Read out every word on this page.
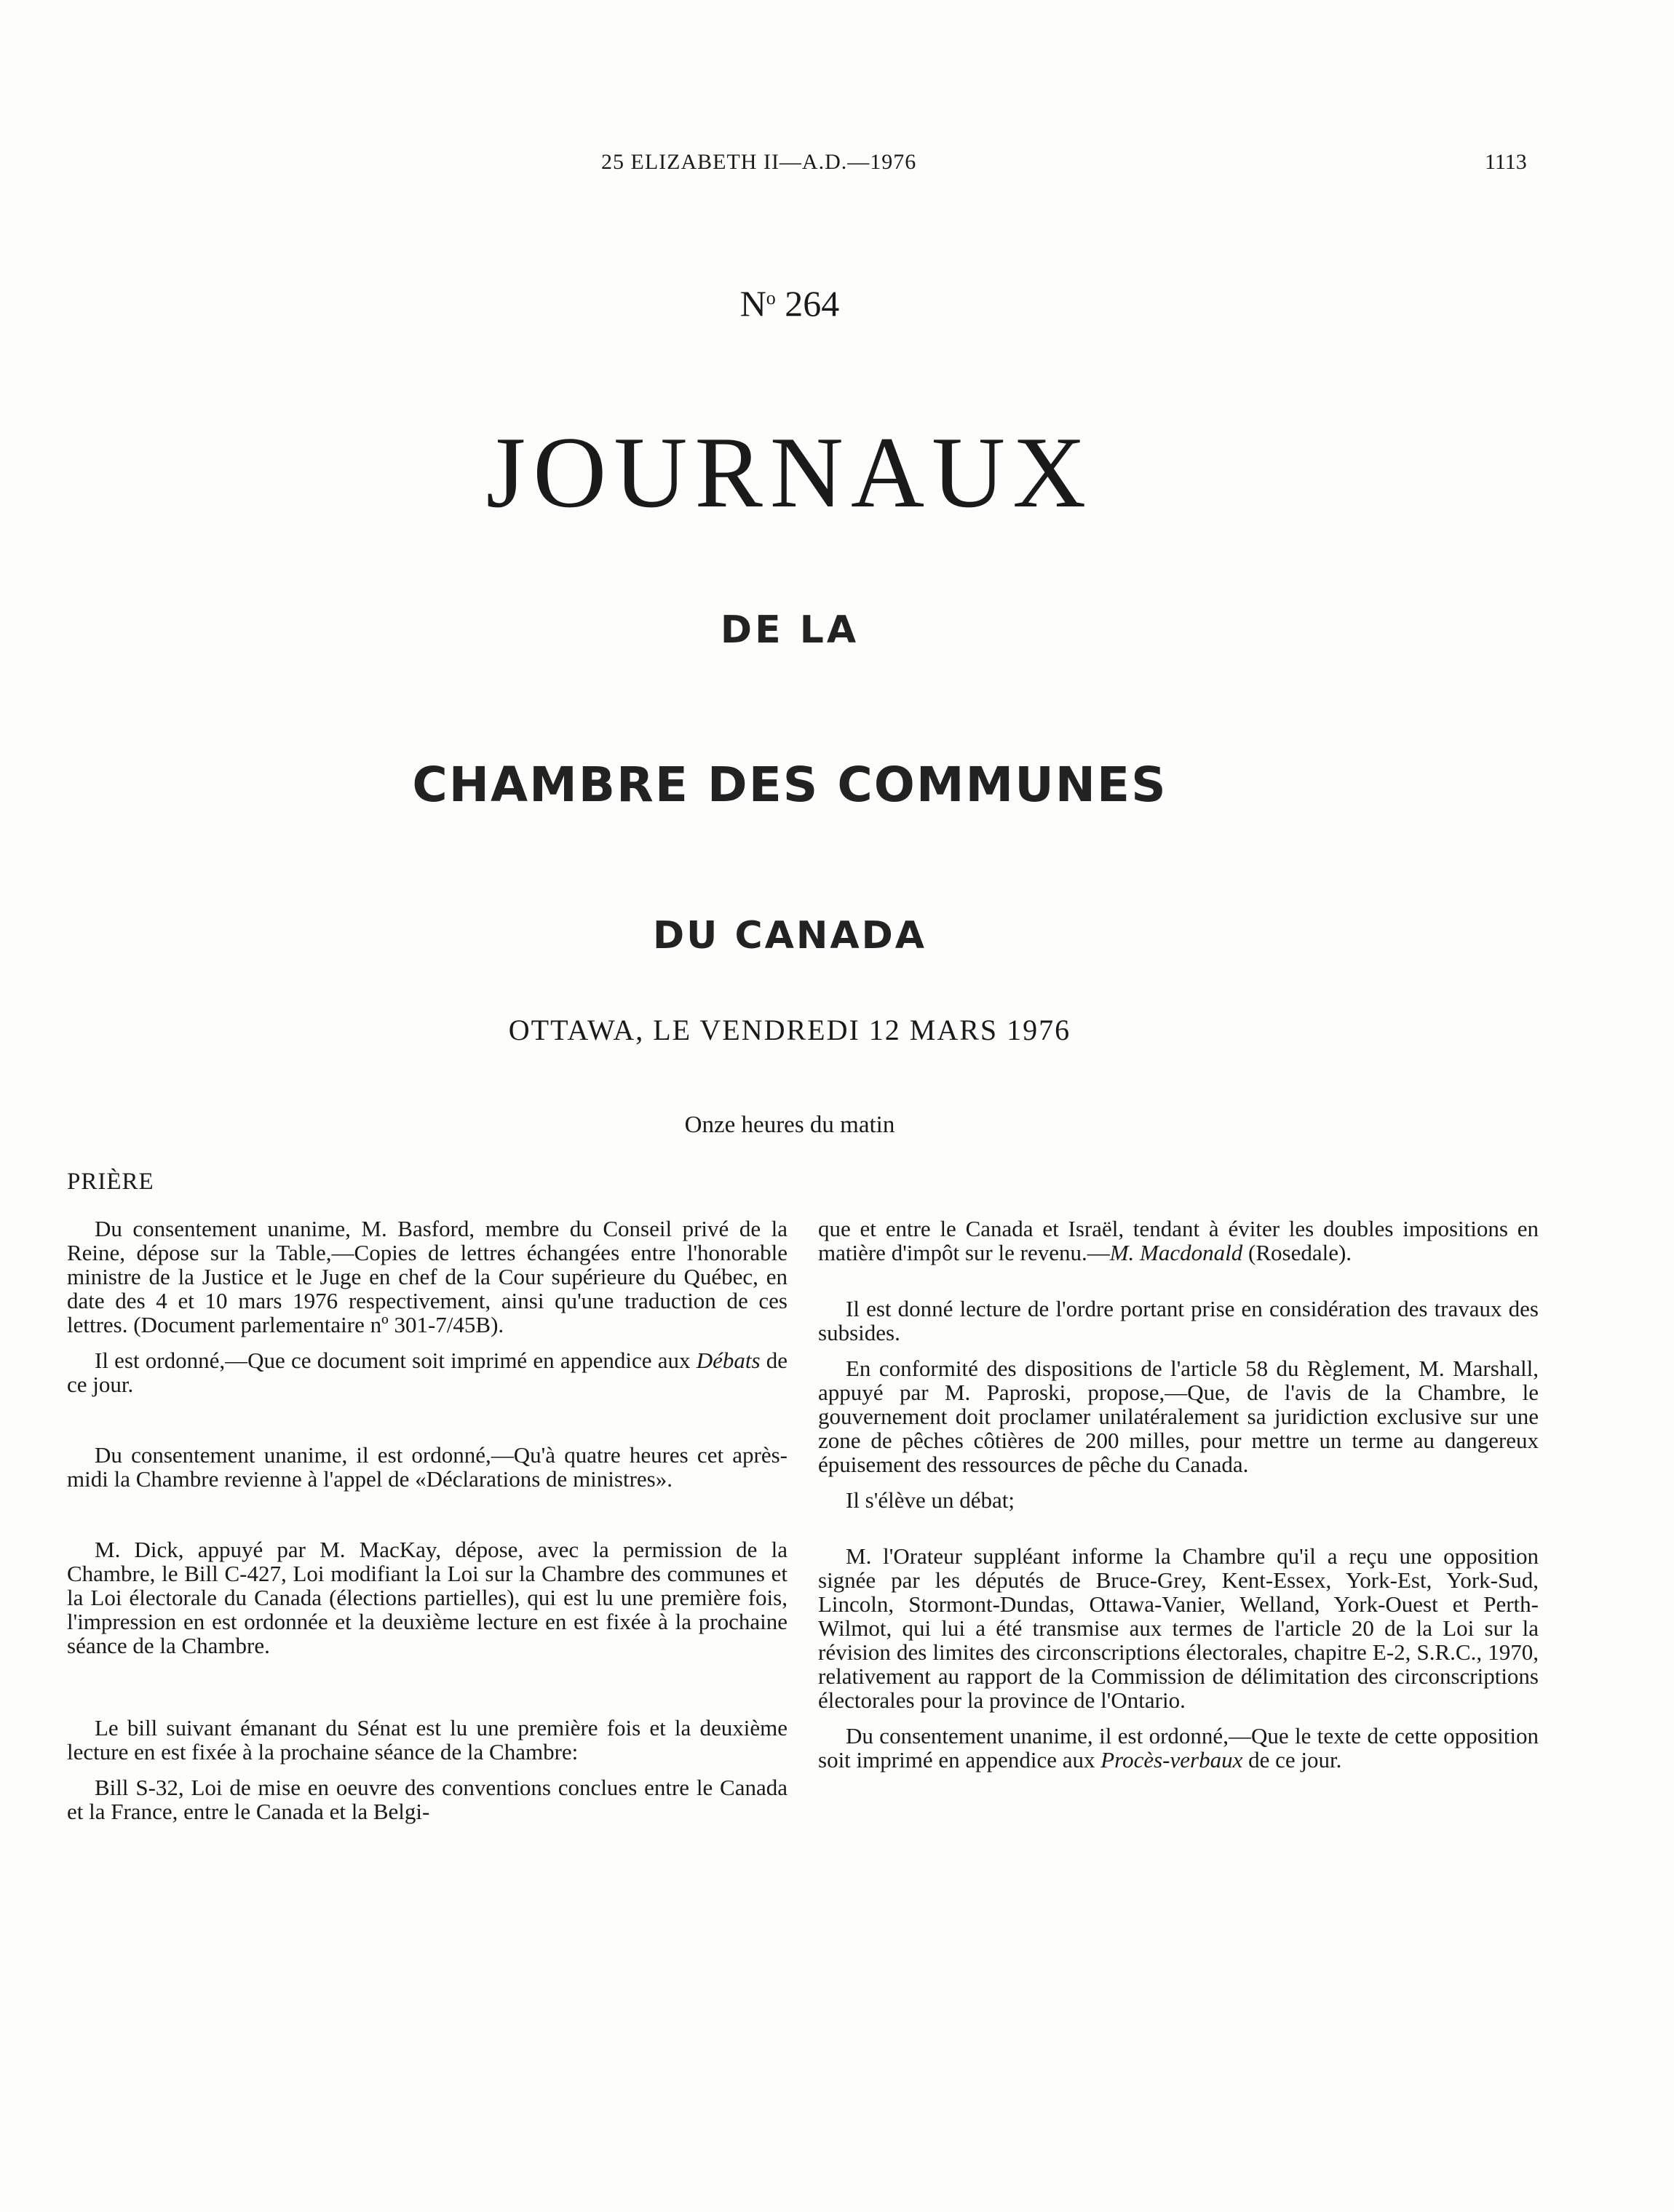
25 ELIZABETH II—A.D.—1976	1113
$N^o$ 264
JOURNAUX
DE LA
CHAMBRE DES COMMUNES
DU CANADA
OTTAWA, LE VENDREDI 12 MARS 1976
Onze heures du matin
PRIÈRE

Du consentement unanime, M. Basford, membre du Conseil privé de la Reine, dépose sur la Table,—Copies de lettres échangées entre l'honorable ministre de la Justice et le Juge en chef de la Cour supérieure du Québec, en date des 4 et 10 mars 1976 respectivement, ainsi qu'une traduction de ces lettres. (Document parlementaire nº 301-7/45B).

Il est ordonné,—Que ce document soit imprimé en appendice aux Débats de ce jour.

Du consentement unanime, il est ordonné,—Qu'à quatre heures cet après-midi la Chambre revienne à l'appel de «Déclarations de ministres».

M. Dick, appuyé par M. MacKay, dépose, avec la permission de la Chambre, le Bill C-427, Loi modifiant la Loi sur la Chambre des communes et la Loi électorale du Canada (élections partielles), qui est lu une première fois, l'impression en est ordonnée et la deuxième lecture en est fixée à la prochaine séance de la Chambre.

Le bill suivant émanant du Sénat est lu une première fois et la deuxième lecture en est fixée à la prochaine séance de la Chambre:

Bill S-32, Loi de mise en oeuvre des conventions conclues entre le Canada et la France, entre le Canada et la Belgi-

que et entre le Canada et Israël, tendant à éviter les doubles impositions en matière d'impôt sur le revenu.—M. Macdonald (Rosedale).

Il est donné lecture de l'ordre portant prise en considération des travaux des subsides.

En conformité des dispositions de l'article 58 du Règlement, M. Marshall, appuyé par M. Paproski, propose,—Que, de l'avis de la Chambre, le gouvernement doit proclamer unilatéralement sa juridiction exclusive sur une zone de pêches côtières de 200 milles, pour mettre un terme au dangereux épuisement des ressources de pêche du Canada.

Il s'élève un débat;

M. l'Orateur suppléant informe la Chambre qu'il a reçu une opposition signée par les députés de Bruce-Grey, Kent-Essex, York-Est, York-Sud, Lincoln, Stormont-Dundas, Ottawa-Vanier, Welland, York-Ouest et Perth-Wilmot, qui lui a été transmise aux termes de l'article 20 de la Loi sur la révision des limites des circonscriptions électorales, chapitre E-2, S.R.C., 1970, relativement au rapport de la Commission de délimitation des circonscriptions électorales pour la province de l'Ontario.

Du consentement unanime, il est ordonné,—Que le texte de cette opposition soit imprimé en appendice aux Procès-verbaux de ce jour.
